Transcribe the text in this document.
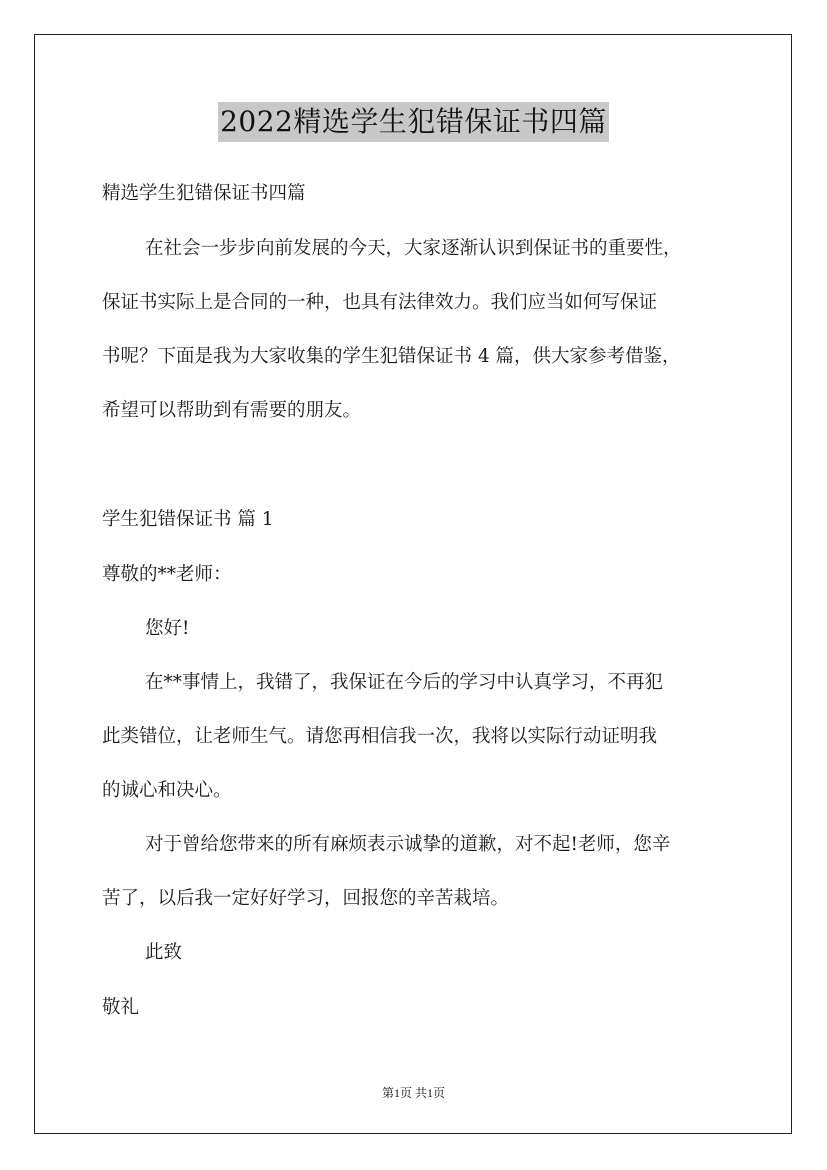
2022精选学生犯错保证书四篇
精选学生犯错保证书四篇
在社会一步步向前发展的今天，大家逐渐认识到保证书的重要性，
保证书实际上是合同的一种，也具有法律效力。我们应当如何写保证
书呢？下面是我为大家收集的学生犯错保证书 4 篇，供大家参考借鉴，
希望可以帮助到有需要的朋友。
学生犯错保证书 篇 1
尊敬的**老师：
您好!
在**事情上，我错了，我保证在今后的学习中认真学习，不再犯
此类错位，让老师生气。请您再相信我一次，我将以实际行动证明我
的诚心和决心。
对于曾给您带来的所有麻烦表示诚挚的道歉，对不起!老师，您辛
苦了，以后我一定好好学习，回报您的辛苦栽培。
此致
敬礼
第1页 共1页
